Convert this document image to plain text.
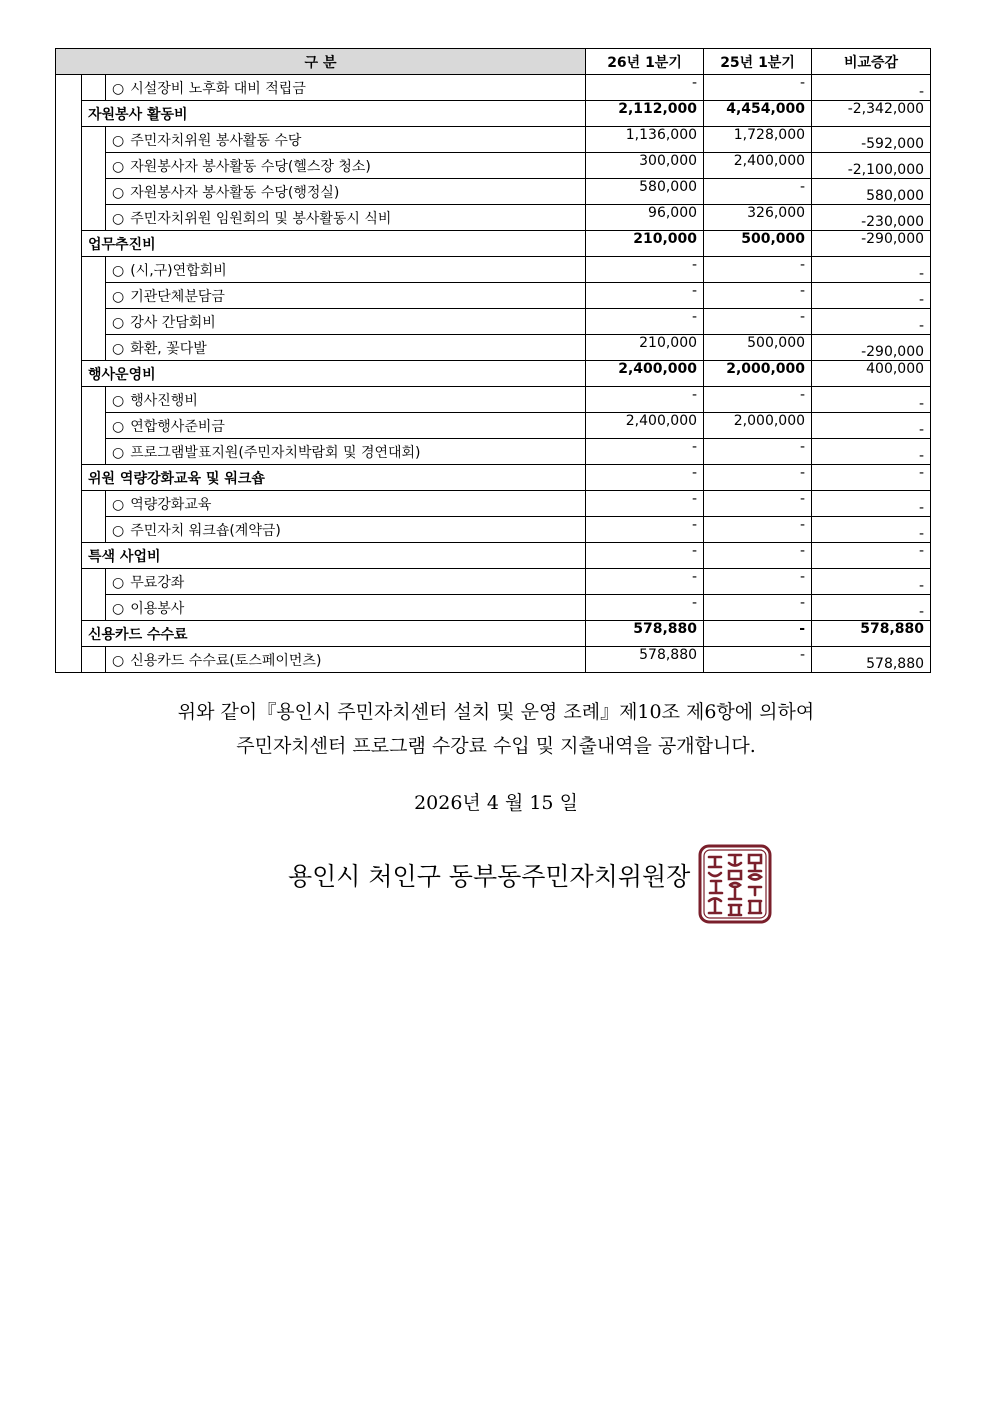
구 분			26년 1분기	25년 1분기	비교증감
		○ 시설장비 노후화 대비 적립금	-	-	-
	자원봉사 활동비		2,112,000	4,454,000	-2,342,000
		○ 주민자치위원 봉사활동 수당	1,136,000	1,728,000	-592,000
		○ 자원봉사자 봉사활동 수당(헬스장 청소)	300,000	2,400,000	-2,100,000
		○ 자원봉사자 봉사활동 수당(행정실)	580,000	-	580,000
		○ 주민자치위원 임원회의 및 봉사활동시 식비	96,000	326,000	-230,000
	업무추진비		210,000	500,000	-290,000
		○ (시,구)연합회비	-	-	-
		○ 기관단체분담금	-	-	-
		○ 강사 간담회비	-	-	-
		○ 화환, 꽃다발	210,000	500,000	-290,000
	행사운영비		2,400,000	2,000,000	400,000
		○ 행사진행비	-	-	-
		○ 연합행사준비금	2,400,000	2,000,000	-
		○ 프로그램발표지원(주민자치박람회 및 경연대회)	-	-	-
	위원 역량강화교육 및 워크숍		-	-	-
		○ 역량강화교육	-	-	-
		○ 주민자치 워크숍(계약금)	-	-	-
	특색 사업비		-	-	-
		○ 무료강좌	-	-	-
		○ 이용봉사	-	-	-
	신용카드 수수료		578,880	-	578,880
		○ 신용카드 수수료(토스페이먼츠)	578,880	-	578,880
위와 같이『용인시 주민자치센터 설치 및 운영 조례』제10조 제6항에 의하여
주민자치센터 프로그램 수강료 수입 및 지출내역을 공개합니다.
2026년 4 월 15 일
용인시 처인구 동부동주민자치위원장
